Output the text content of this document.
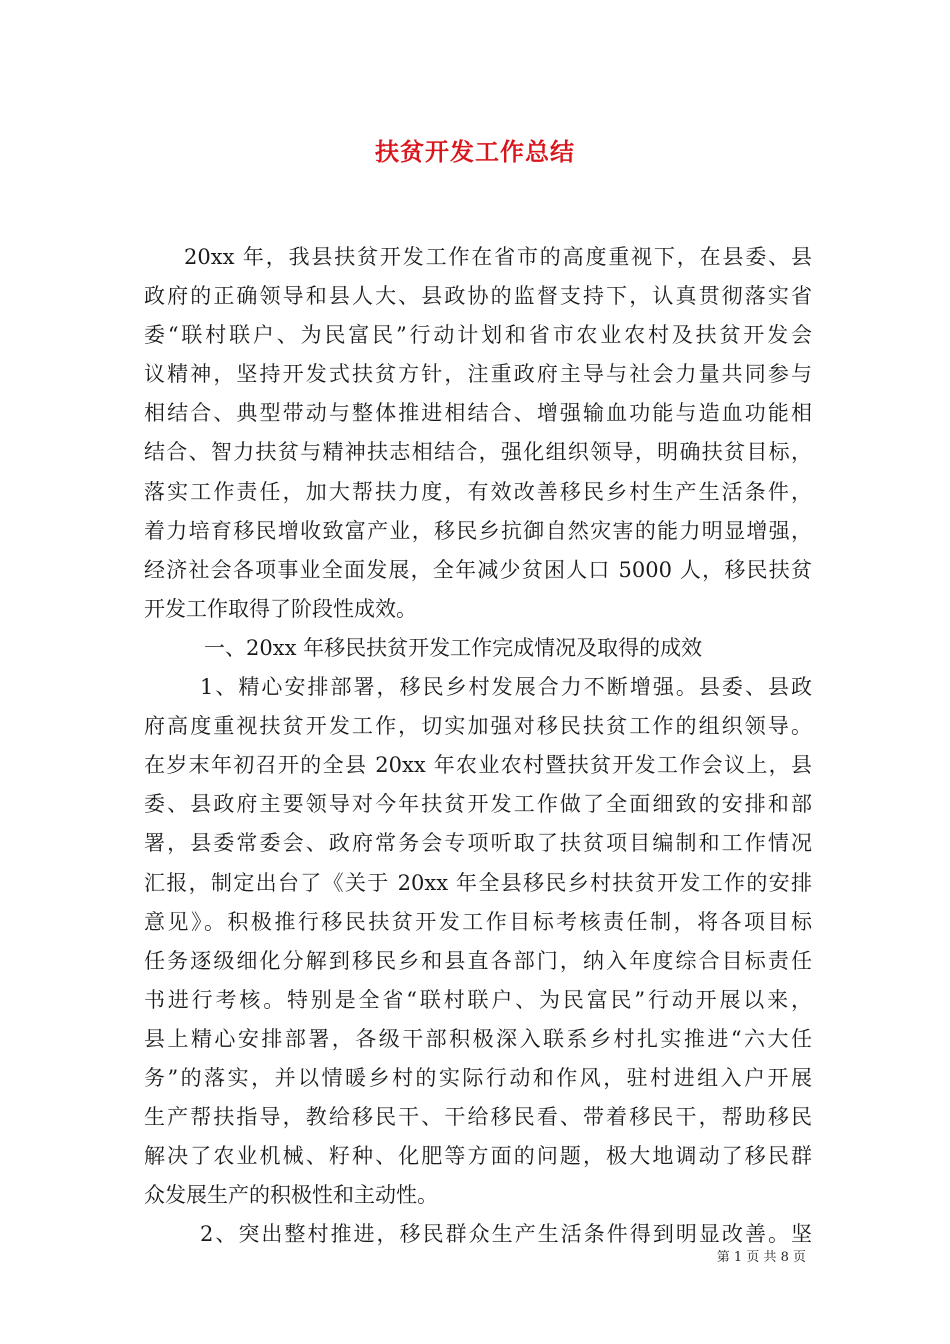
扶贫开发工作总结
20xx 年，我县扶贫开发工作在省市的高度重视下，在县委、县
政府的正确领导和县人大、县政协的监督支持下，认真贯彻落实省
委“联村联户、为民富民”行动计划和省市农业农村及扶贫开发会
议精神，坚持开发式扶贫方针，注重政府主导与社会力量共同参与
相结合、典型带动与整体推进相结合、增强输血功能与造血功能相
结合、智力扶贫与精神扶志相结合，强化组织领导，明确扶贫目标，
落实工作责任，加大帮扶力度，有效改善移民乡村生产生活条件，
着力培育移民增收致富产业，移民乡抗御自然灾害的能力明显增强，
经济社会各项事业全面发展，全年减少贫困人口 5000 人，移民扶贫
开发工作取得了阶段性成效。
一、20xx 年移民扶贫开发工作完成情况及取得的成效
1、精心安排部署，移民乡村发展合力不断增强。县委、县政
府高度重视扶贫开发工作，切实加强对移民扶贫工作的组织领导。
在岁末年初召开的全县 20xx 年农业农村暨扶贫开发工作会议上，县
委、县政府主要领导对今年扶贫开发工作做了全面细致的安排和部
署，县委常委会、政府常务会专项听取了扶贫项目编制和工作情况
汇报，制定出台了《关于 20xx 年全县移民乡村扶贫开发工作的安排
意见》。积极推行移民扶贫开发工作目标考核责任制，将各项目标
任务逐级细化分解到移民乡和县直各部门，纳入年度综合目标责任
书进行考核。特别是全省“联村联户、为民富民”行动开展以来，
县上精心安排部署，各级干部积极深入联系乡村扎实推进“六大任
务”的落实，并以情暖乡村的实际行动和作风，驻村进组入户开展
生产帮扶指导，教给移民干、干给移民看、带着移民干，帮助移民
解决了农业机械、籽种、化肥等方面的问题，极大地调动了移民群
众发展生产的积极性和主动性。
2、突出整村推进，移民群众生产生活条件得到明显改善。坚
第 1 页 共 8 页
